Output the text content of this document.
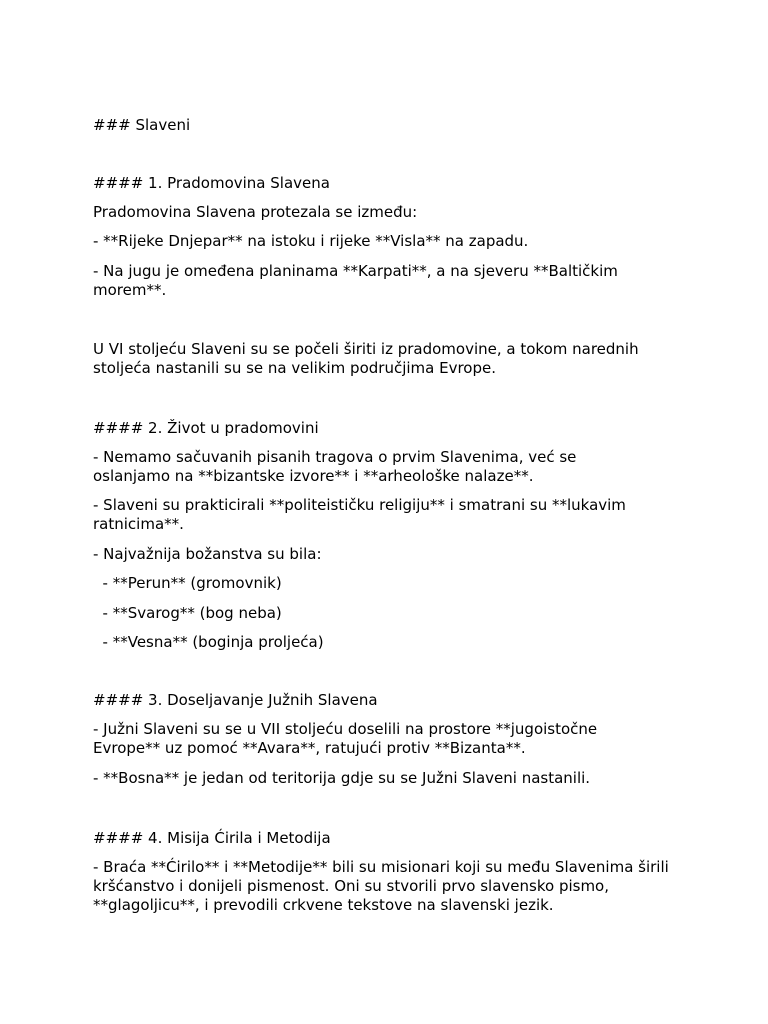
### Slaveni

#### 1. Pradomovina Slavena

Pradomovina Slavena protezala se između:

- **Rijeke Dnjepar** na istoku i rijeke **Visla** na zapadu.

- Na jugu je omeđena planinama **Karpati**, a na sjeveru **Baltičkim morem**.

U VI stoljeću Slaveni su se počeli širiti iz pradomovine, a tokom narednih stoljeća nastanili su se na velikim područjima Evrope.

#### 2. Život u pradomovini

- Nemamo sačuvanih pisanih tragova o prvim Slavenima, već se oslanjamo na **bizantske izvore** i **arheološke nalaze**.

- Slaveni su prakticirali **politeističku religiju** i smatrani su **lukavim ratnicima**.

- Najvažnija božanstva su bila:

- **Perun** (gromovnik)

- **Svarog** (bog neba)

- **Vesna** (boginja proljeća)

#### 3. Doseljavanje Južnih Slavena

- Južni Slaveni su se u VII stoljeću doselili na prostore **jugoistočne Evrope** uz pomoć **Avara**, ratujući protiv **Bizanta**.

- **Bosna** je jedan od teritorija gdje su se Južni Slaveni nastanili.

#### 4. Misija Ćirila i Metodija

- Braća **Ćirilo** i **Metodije** bili su misionari koji su među Slavenima širili kršćanstvo i donijeli pismenost. Oni su stvorili prvo slavensko pismo, **glagoljicu**, i prevodili crkvene tekstove na slavenski jezik.
